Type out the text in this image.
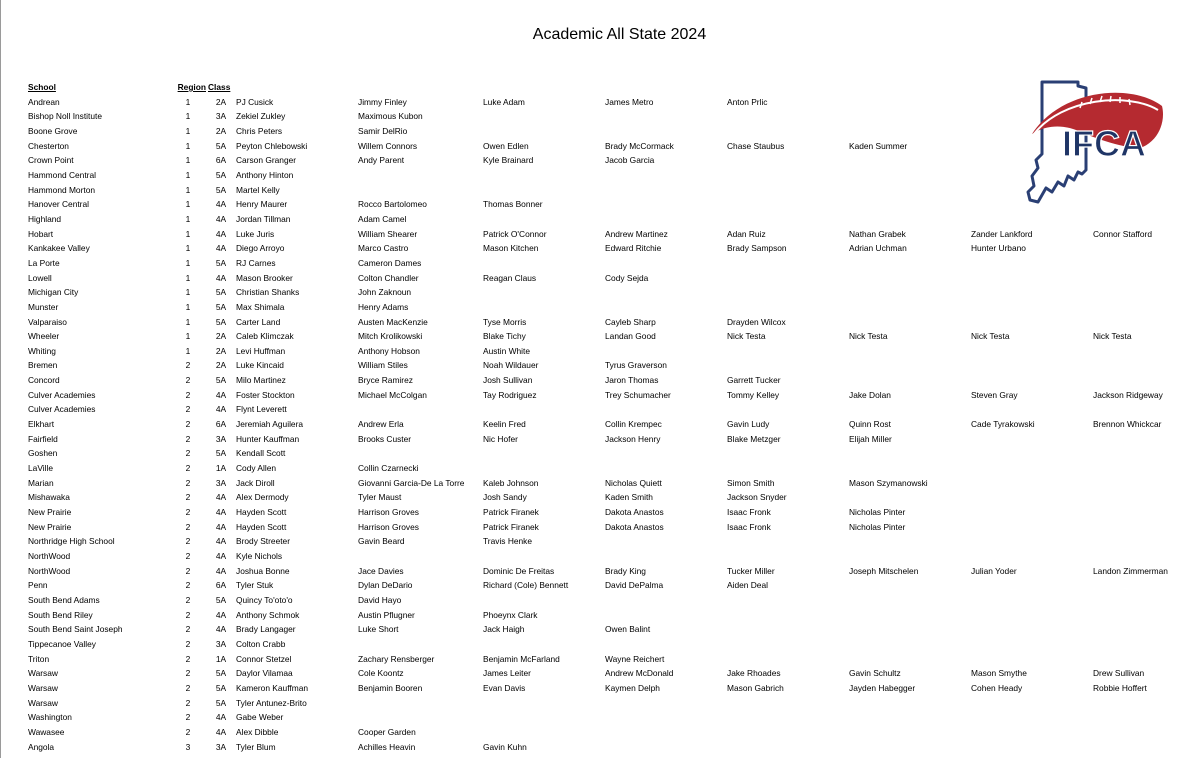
Academic All State 2024
IFCA
School	Region	Class								
Andrean	1	2A	PJ Cusick	Jimmy Finley	Luke Adam	James Metro	Anton Prlic			
Bishop Noll Institute	1	3A	Zekiel Zukley	Maximous Kubon						
Boone Grove	1	2A	Chris Peters	Samir DelRio						
Chesterton	1	5A	Peyton Chlebowski	Willem Connors	Owen Edlen	Brady McCormack	Chase Staubus	Kaden Summer		
Crown Point	1	6A	Carson Granger	Andy Parent	Kyle Brainard	Jacob Garcia				
Hammond Central	1	5A	Anthony Hinton							
Hammond Morton	1	5A	Martel Kelly							
Hanover Central	1	4A	Henry Maurer	Rocco Bartolomeo	Thomas Bonner					
Highland	1	4A	Jordan Tillman	Adam Camel						
Hobart	1	4A	Luke Juris	William Shearer	Patrick O'Connor	Andrew Martinez	Adan Ruiz	Nathan Grabek	Zander Lankford	Connor Stafford
Kankakee Valley	1	4A	Diego Arroyo	Marco Castro	Mason Kitchen	Edward Ritchie	Brady Sampson	Adrian Uchman	Hunter Urbano	
La Porte	1	5A	RJ Carnes	Cameron Dames						
Lowell	1	4A	Mason Brooker	Colton Chandler	Reagan Claus	Cody Sejda				
Michigan City	1	5A	Christian Shanks	John Zaknoun						
Munster	1	5A	Max Shimala	Henry Adams						
Valparaiso	1	5A	Carter Land	Austen MacKenzie	Tyse Morris	Cayleb Sharp	Drayden Wilcox			
Wheeler	1	2A	Caleb Klimczak	Mitch Krolikowski	Blake Tichy	Landan Good	Nick Testa	Nick Testa	Nick Testa	Nick Testa
Whiting	1	2A	Levi Huffman	Anthony Hobson	Austin White					
Bremen	2	2A	Luke Kincaid	William Stiles	Noah Wildauer	Tyrus Graverson				
Concord	2	5A	Milo Martinez	Bryce Ramirez	Josh Sullivan	Jaron Thomas	Garrett Tucker			
Culver Academies	2	4A	Foster Stockton	Michael McColgan	Tay Rodriguez	Trey Schumacher	Tommy Kelley	Jake Dolan	Steven Gray	Jackson Ridgeway
Culver Academies	2	4A	Flynt Leverett							
Elkhart	2	6A	Jeremiah Aguilera	Andrew Erla	Keelin Fred	Collin Krempec	Gavin Ludy	Quinn Rost	Cade Tyrakowski	Brennon Whickcar
Fairfield	2	3A	Hunter Kauffman	Brooks Custer	Nic Hofer	Jackson Henry	Blake Metzger	Elijah Miller		
Goshen	2	5A	Kendall Scott							
LaVille	2	1A	Cody Allen	Collin Czarnecki						
Marian	2	3A	Jack Diroll	Giovanni Garcia-De La Torre	Kaleb Johnson	Nicholas Quiett	Simon Smith	Mason Szymanowski		
Mishawaka	2	4A	Alex Dermody	Tyler Maust	Josh Sandy	Kaden Smith	Jackson Snyder			
New Prairie	2	4A	Hayden Scott	Harrison Groves	Patrick Firanek	Dakota Anastos	Isaac Fronk	Nicholas Pinter		
New Prairie	2	4A	Hayden Scott	Harrison Groves	Patrick Firanek	Dakota Anastos	Isaac Fronk	Nicholas Pinter		
Northridge High School	2	4A	Brody Streeter	Gavin Beard	Travis Henke					
NorthWood	2	4A	Kyle Nichols							
NorthWood	2	4A	Joshua Bonne	Jace Davies	Dominic De Freitas	Brady King	Tucker Miller	Joseph Mitschelen	Julian Yoder	Landon Zimmerman
Penn	2	6A	Tyler Stuk	Dylan DeDario	Richard (Cole) Bennett	David DePalma	Aiden Deal			
South Bend Adams	2	5A	Quincy To'oto'o	David Hayo						
South Bend Riley	2	4A	Anthony Schmok	Austin Pflugner	Phoeynx Clark					
South Bend Saint Joseph	2	4A	Brady Langager	Luke Short	Jack Haigh	Owen Balint				
Tippecanoe Valley	2	3A	Colton Crabb							
Triton	2	1A	Connor Stetzel	Zachary Rensberger	Benjamin McFarland	Wayne Reichert				
Warsaw	2	5A	Daylor Vilamaa	Cole Koontz	James Leiter	Andrew McDonald	Jake Rhoades	Gavin Schultz	Mason Smythe	Drew Sullivan
Warsaw	2	5A	Kameron Kauffman	Benjamin Booren	Evan Davis	Kaymen Delph	Mason Gabrich	Jayden Habegger	Cohen Heady	Robbie Hoffert
Warsaw	2	5A	Tyler Antunez-Brito							
Washington	2	4A	Gabe Weber							
Wawasee	2	4A	Alex Dibble	Cooper Garden						
Angola	3	3A	Tyler Blum	Achilles Heavin	Gavin Kuhn					
